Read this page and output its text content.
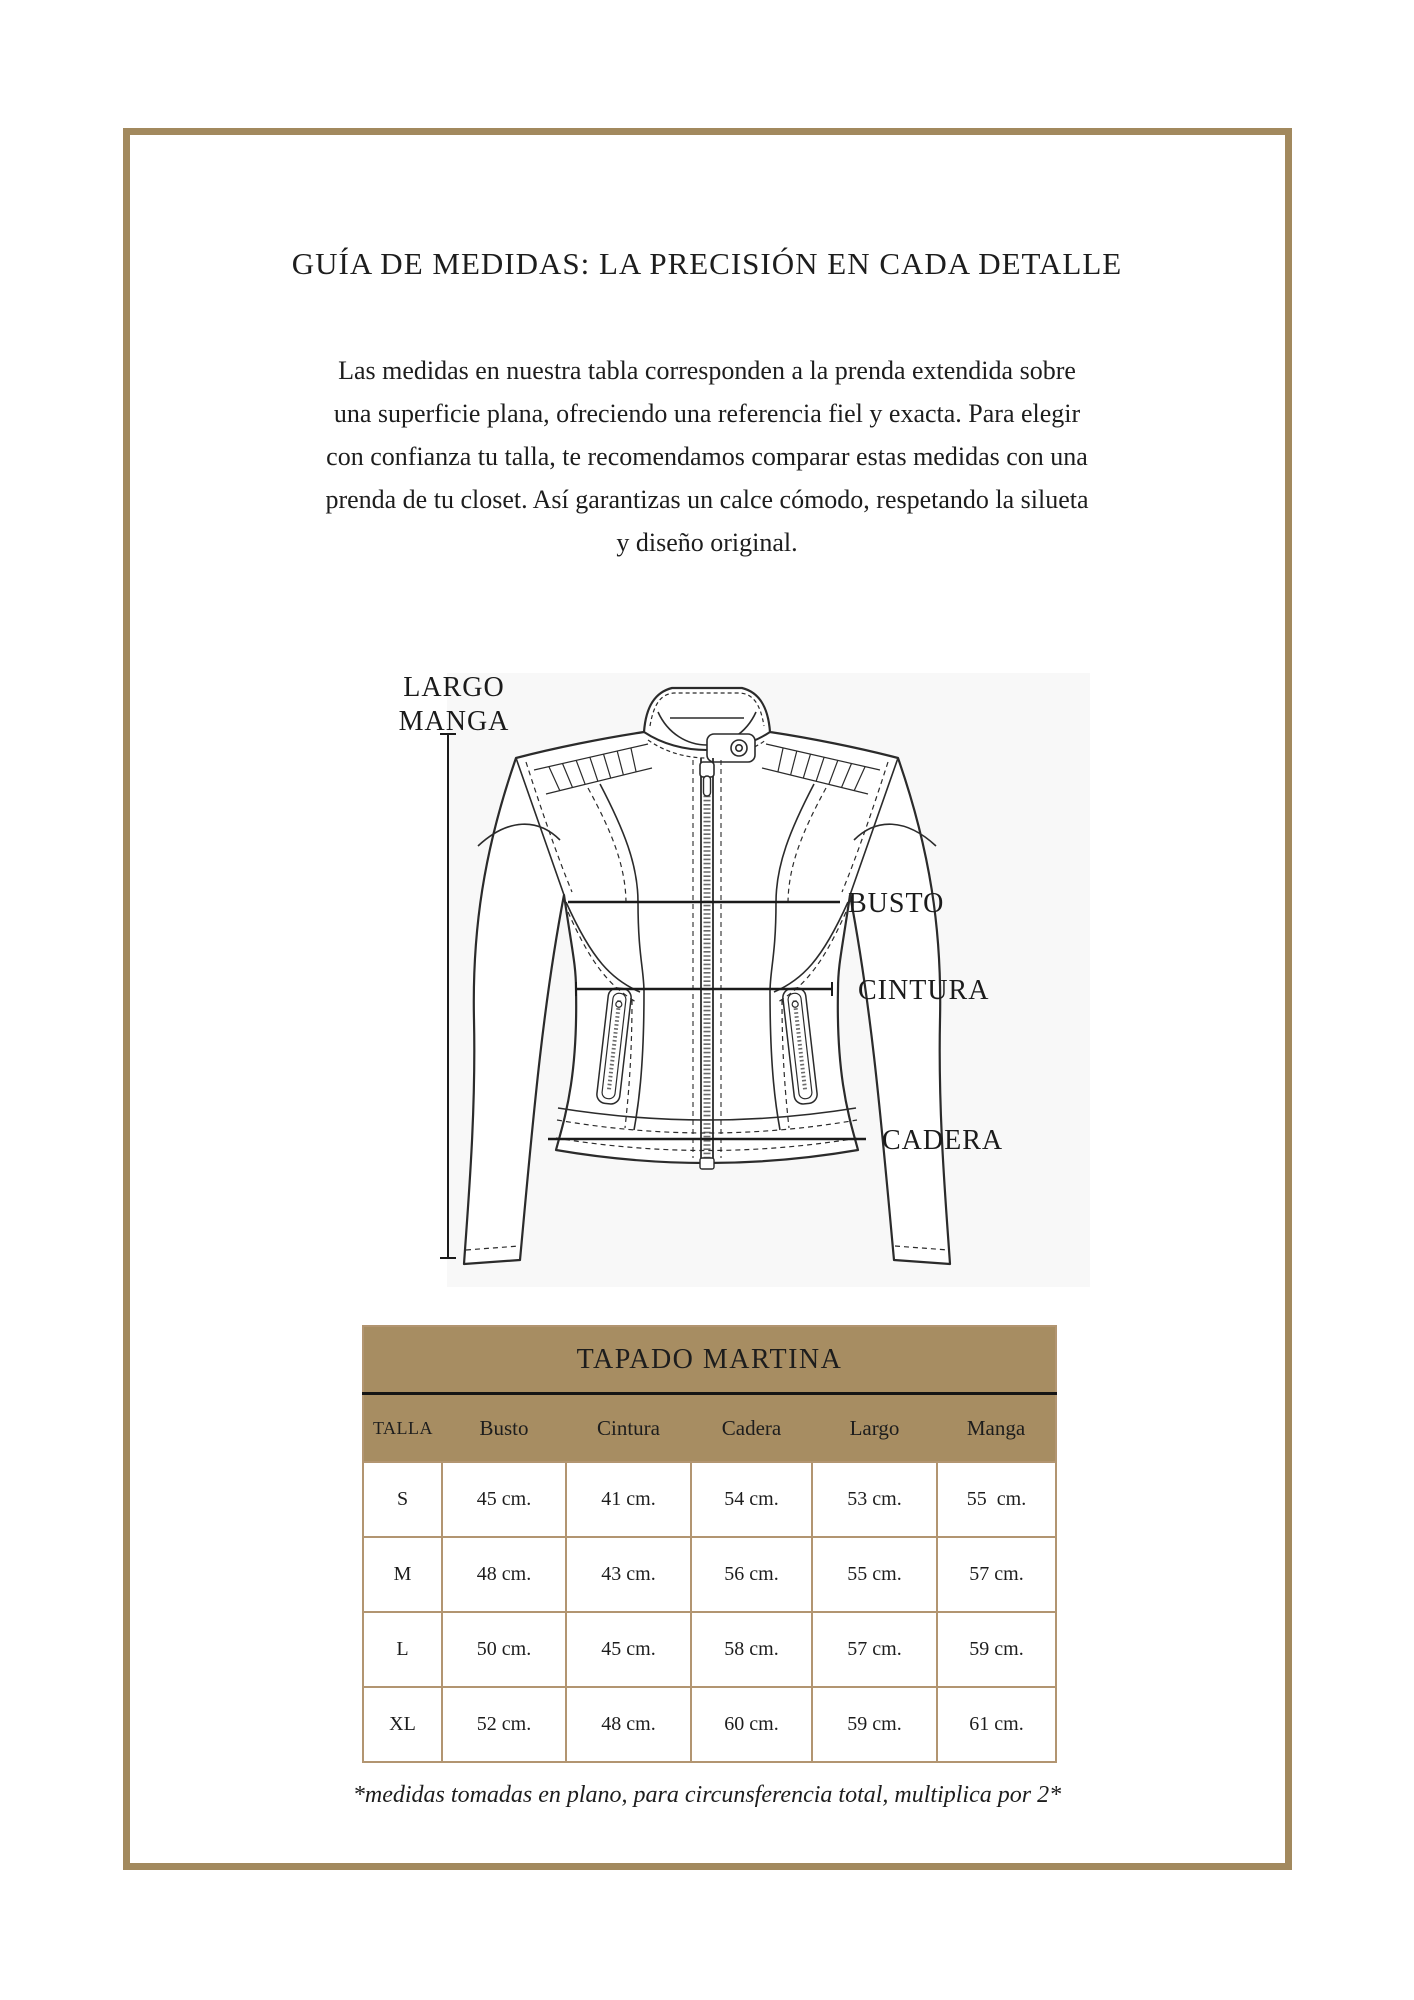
GUÍA DE MEDIDAS: LA PRECISIÓN EN CADA DETALLE
Las medidas en nuestra tabla corresponden a la prenda extendida sobre
una superficie plana, ofreciendo una referencia fiel y exacta. Para elegir
con confianza tu talla, te recomendamos comparar estas medidas con una
prenda de tu closet. Así garantizas un calce cómodo, respetando la silueta
y diseño original.
LARGO
MANGA
BUSTO
CINTURA
CADERA
TAPADO MARTINA					
TALLA	Busto	Cintura	Cadera	Largo	Manga
S	45 cm.	41 cm.	54 cm.	53 cm.	55  cm.
M	48 cm.	43 cm.	56 cm.	55 cm.	57 cm.
L	50 cm.	45 cm.	58 cm.	57 cm.	59 cm.
XL	52 cm.	48 cm.	60 cm.	59 cm.	61 cm.
*medidas tomadas en plano, para circunsferencia total, multiplica por 2*
